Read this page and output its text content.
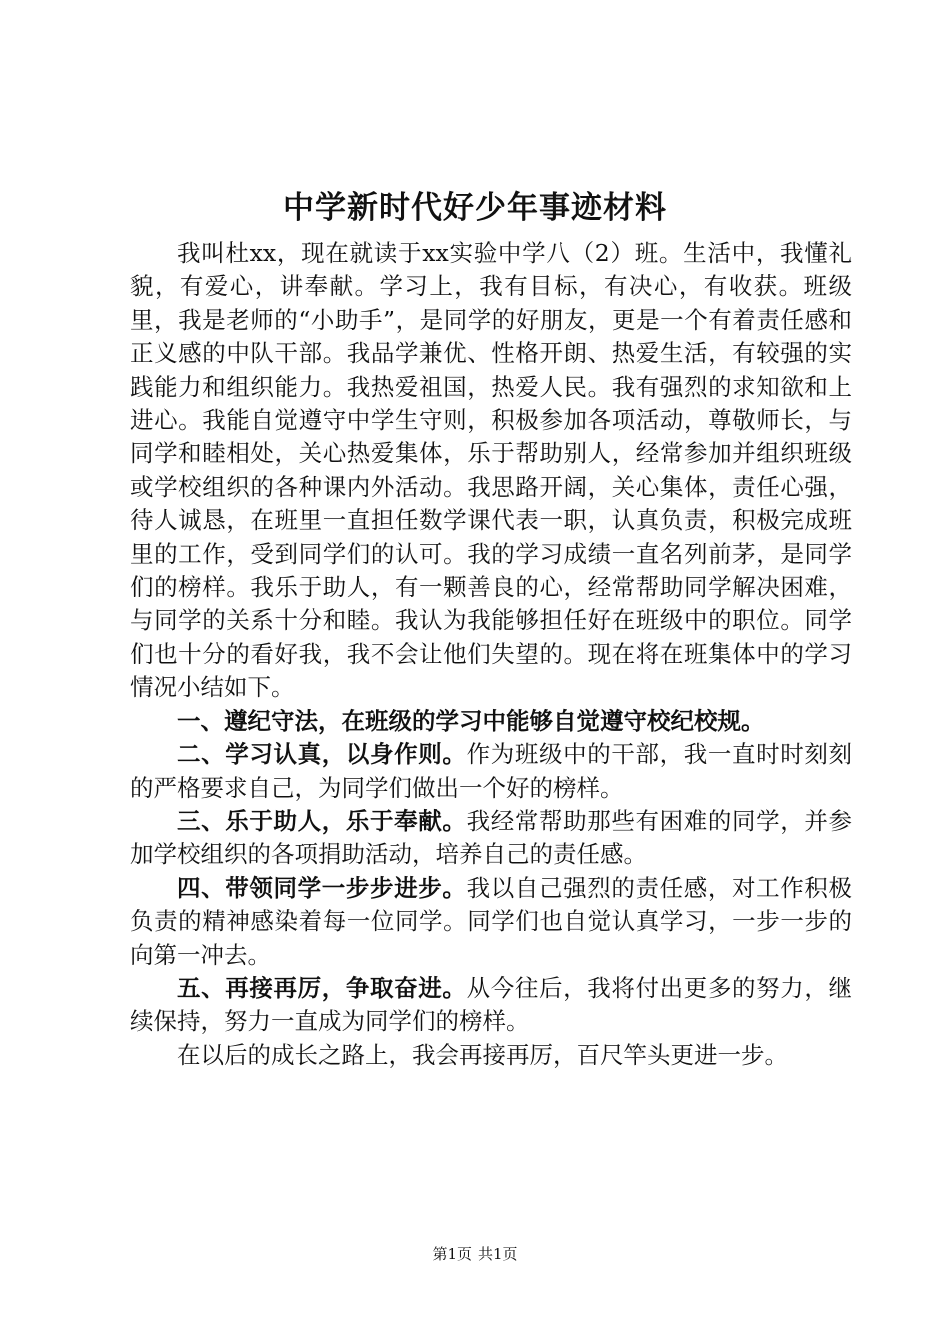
中学新时代好少年事迹材料

我叫杜xx，现在就读于xx实验中学八（2）班。生活中，我懂礼貌，有爱心，讲奉献。学习上，我有目标，有决心，有收获。班级里，我是老师的“小助手”，是同学的好朋友，更是一个有着责任感和正义感的中队干部。我品学兼优、性格开朗、热爱生活，有较强的实践能力和组织能力。我热爱祖国，热爱人民。我有强烈的求知欲和上进心。我能自觉遵守中学生守则，积极参加各项活动，尊敬师长，与同学和睦相处，关心热爱集体，乐于帮助别人，经常参加并组织班级或学校组织的各种课内外活动。我思路开阔，关心集体，责任心强，待人诚恳，在班里一直担任数学课代表一职，认真负责，积极完成班里的工作，受到同学们的认可。我的学习成绩一直名列前茅，是同学们的榜样。我乐于助人，有一颗善良的心，经常帮助同学解决困难，与同学的关系十分和睦。我认为我能够担任好在班级中的职位。同学们也十分的看好我，我不会让他们失望的。现在将在班集体中的学习情况小结如下。

一、遵纪守法，在班级的学习中能够自觉遵守校纪校规。

二、学习认真，以身作则。作为班级中的干部，我一直时时刻刻的严格要求自己，为同学们做出一个好的榜样。

三、乐于助人，乐于奉献。我经常帮助那些有困难的同学，并参加学校组织的各项捐助活动，培养自己的责任感。

四、带领同学一步步进步。我以自己强烈的责任感，对工作积极负责的精神感染着每一位同学。同学们也自觉认真学习，一步一步的向第一冲去。

五、再接再厉，争取奋进。从今往后，我将付出更多的努力，继续保持，努力一直成为同学们的榜样。

在以后的成长之路上，我会再接再厉，百尺竿头更进一步。

第1页 共1页
